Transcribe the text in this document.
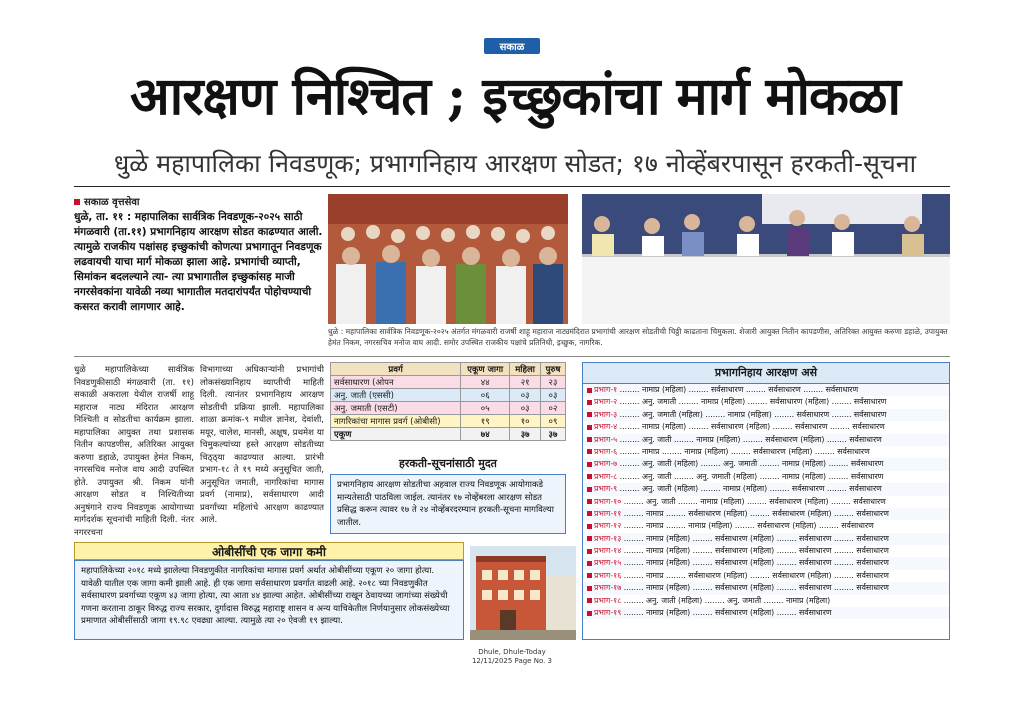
सकाळ
आरक्षण निश्चित ; इच्छुकांचा मार्ग मोकळा
धुळे महापालिका निवडणूक; प्रभागनिहाय आरक्षण सोडत; १७ नोव्हेंबरपासून हरकती-सूचना
सकाळ वृत्तसेवा
धुळे, ता. ११ : महापालिका सार्वत्रिक निवडणूक-२०२५ साठी मंगळवारी (ता.११) प्रभागनिहाय आरक्षण सोडत काढण्यात आली. त्यामुळे राजकीय पक्षांसह इच्छुकांची कोणत्या प्रभागातून निवडणूक लढवायची याचा मार्ग मोकळा झाला आहे. प्रभागांची व्याप्ती, सिमांकन बदलल्याने त्या- त्या प्रभागातील इच्छुकांसह माजी नगरसेवकांना यावेळी नव्या भागातील मतदारांपर्यंत पोहोचण्याची कसरत करावी लागणार आहे.
धुळे : महापालिका सार्वत्रिक निवडणूक-२०२५ अंतर्गत मंगळवारी राजर्षी शाहू महाराज नाट्यमंदिरात प्रभागांची आरक्षण सोडतीची चिठ्ठी काढताना चिमुकला. शेजारी आयुक्त नितीन कापडणीस, अतिरिक्त आयुक्त करुणा डहाळे, उपायुक्त हेमंत निकम, नगरसचिव मनोज वाघ आदी. समोर उपस्थित राजकीय पक्षांचे प्रतिनिधी, इच्छुक, नागरिक.
धुळे महापालिकेच्या सार्वत्रिक निवडणुकीसाठी मंगळवारी (ता. ११) सकाळी अकराला येथील राजर्षी शाहू महाराज नाट्य मंदिरात आरक्षण निश्चिती व सोडतीचा कार्यक्रम झाला. महापालिका आयुक्त तथा प्रशासक नितीन कापडणीस, अतिरिक्त आयुक्त करुणा डहाळे, उपायुक्त हेमंत निकम, नगरसचिव मनोज वाघ आदी उपस्थित होते. उपायुक्त श्री. निकम यांनी आरक्षण सोडत व निश्चितीच्या अनुषंगाने राज्य निवडणूक आयोगाच्या मार्गदर्शक सूचनांची माहिती दिली. नंतर नगररचना
विभागाच्या अधिकाऱ्यांनी प्रभागांची लोकसंख्यानिहाय व्याप्तीची माहिती दिली. त्यानंतर प्रभागनिहाय आरक्षण सोडतीची प्रक्रिया झाली. महापालिका शाळा क्रमांक-९ मधील ज्ञानेश, देवांशी, मयूर, चालेश, मानसी, अक्षूष, प्रथमेश या चिमुकल्यांच्या हस्ते आरक्षण सोडतीच्या चिठ्ठ्या काढण्यात आल्या. प्रारंभी प्रभाग-१८ ते १९ मध्ये अनुसूचित जाती, अनुसूचित जमाती, नागरिकांचा मागास प्रवर्ग (नामाप्र), सर्वसाधारण आदी प्रवर्गांच्या महिलांचे आरक्षण काढण्यात आले.
प्रवर्ग	एकूण जागा	महिला	पुरुष
सर्वसाधारण (ओपन	४४	२१	२३
अनु. जाती (एससी)	०६	०३	०३
अनु. जमाती (एसटी)	०५	०३	०२
नागरिकांचा मागास प्रवर्ग (ओबीसी)	१९	१०	०९
एकूण	७४	३७	३७
हरकती-सूचनांसाठी मुदत
प्रभागनिहाय आरक्षण सोडतीचा अहवाल राज्य निवडणूक आयोगाकडे मान्यतेसाठी पाठविला जाईल. त्यानंतर १७ नोव्हेंबरला आरक्षण सोडत प्रसिद्ध करून त्यावर १७ ते २४ नोव्हेंबरदरम्यान हरकती-सूचना मागविल्या जातील.
प्रभागनिहाय आरक्षण असे
प्रभाग-१ ........ नामाप्र (महिला) ........ सर्वसाधारण ........ सर्वसाधारण ........ सर्वसाधारण
प्रभाग-२ ........ अनु. जमाती ........ नामाप्र (महिला) ........ सर्वसाधारण (महिला) ........ सर्वसाधारण
प्रभाग-३ ........ अनु. जमाती (महिला) ........ नामाप्र (महिला) ........ सर्वसाधारण ........ सर्वसाधारण
प्रभाग-४ ........ नामाप्र (महिला) ........ सर्वसाधारण (महिला) ........ सर्वसाधारण ........ सर्वसाधारण
प्रभाग-५ ........ अनु. जाती ........ नामाप्र (महिला) ........ सर्वसाधारण (महिला) ........ सर्वसाधारण
प्रभाग-६ ........ नामाप्र ........ नामाप्र (महिला) ........ सर्वसाधारण (महिला) ........ सर्वसाधारण
प्रभाग-७ ........ अनु. जाती (महिला) ........ अनु. जमाती ........ नामाप्र (महिला) ........ सर्वसाधारण
प्रभाग-८ ........ अनु. जाती ........ अनु. जमाती (महिला) ........ नामाप्र (महिला) ........ सर्वसाधारण
प्रभाग-९ ........ अनु. जाती (महिला) ........ नामाप्र (महिला) ........ सर्वसाधारण ........ सर्वसाधारण
प्रभाग-१० ........ अनु. जाती ........ नामाप्र (महिला) ........ सर्वसाधारण (महिला) ........ सर्वसाधारण
प्रभाग-११ ........ नामाप्र ........ सर्वसाधारण (महिला) ........ सर्वसाधारण (महिला) ........ सर्वसाधारण
प्रभाग-१२ ........ नामाप्र ........ नामाप्र (महिला) ........ सर्वसाधारण (महिला) ........ सर्वसाधारण
प्रभाग-१३ ........ नामाप्र (महिला) ........ सर्वसाधारण (महिला) ........ सर्वसाधारण ........ सर्वसाधारण
प्रभाग-१४ ........ नामाप्र (महिला) ........ सर्वसाधारण (महिला) ........ सर्वसाधारण ........ सर्वसाधारण
प्रभाग-१५ ........ नामाप्र (महिला) ........ सर्वसाधारण (महिला) ........ सर्वसाधारण ........ सर्वसाधारण
प्रभाग-१६ ........ नामाप्र ........ सर्वसाधारण (महिला) ........ सर्वसाधारण (महिला) ........ सर्वसाधारण
प्रभाग-१७ ........ नामाप्र (महिला) ........ सर्वसाधारण (महिला) ........ सर्वसाधारण ........ सर्वसाधारण
प्रभाग-१८ ........ अनु. जाती (महिला) ........ अनु. जमाती ........ नामाप्र (महिला)
प्रभाग-१९ ........ नामाप्र (महिला) ........ सर्वसाधारण (महिला) ........ सर्वसाधारण
ओबीसींची एक जागा कमी
महापालिकेच्या २०१८ मध्ये झालेल्या निवडणुकीत नागरिकांचा मागास प्रवर्ग अर्थात ओबीसींच्या एकूण २० जागा होत्या. यावेळी यातील एक जागा कमी झाली आहे. ही एक जागा सर्वसाधारण प्रवर्गात वाढली आहे. २०१८ च्या निवडणुकीत सर्वसाधारण प्रवर्गाच्या एकूण ४३ जागा होत्या, त्या आता ४४ झाल्या आहेत. ओबीसींच्या राखून ठेवायच्या जागांच्या संख्येची गणना करताना ठाकूर विरुद्ध राज्य सरकार, दुर्गादास विरुद्ध महाराष्ट्र शासन व अन्य याचिकेतील निर्णयानुसार लोकसंख्येच्या प्रमाणात ओबीसींसाठी जागा १९.९८ एवढ्या आल्या. त्यामुळे त्या २० ऐवजी १९ झाल्या.
Dhule, Dhule-Today
12/11/2025 Page No. 3
